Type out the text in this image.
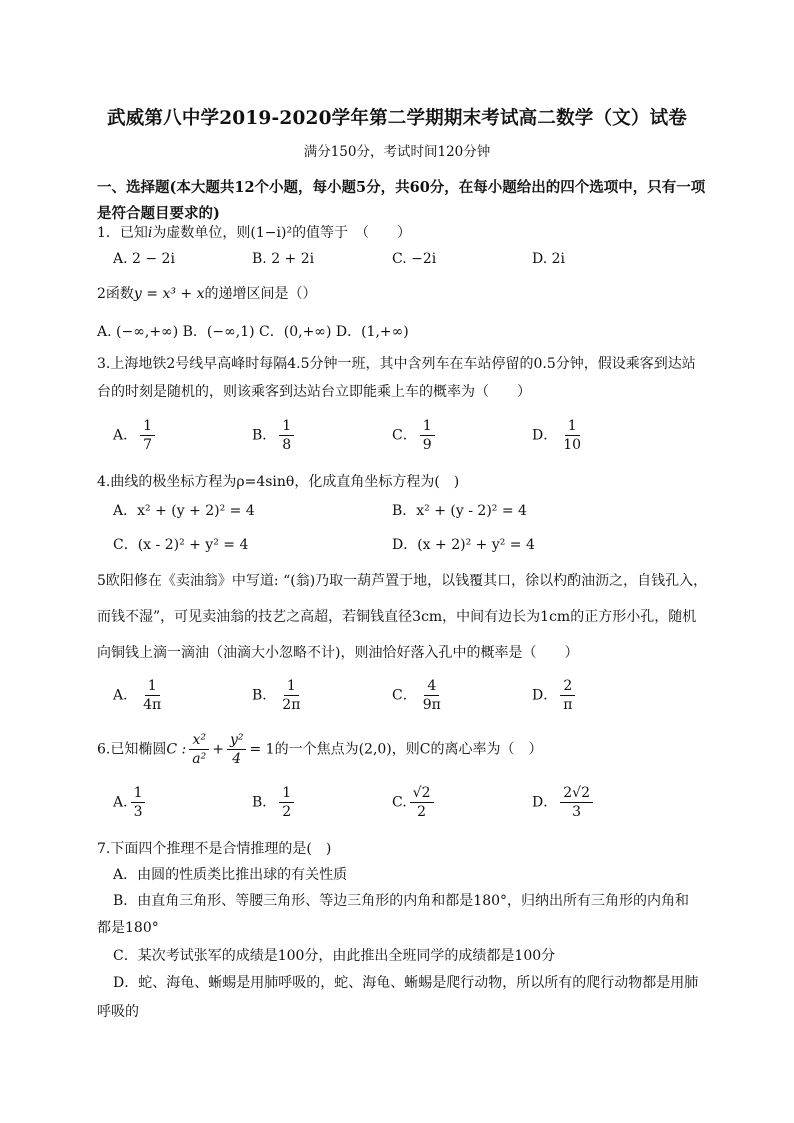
武威第八中学2019-2020学年第二学期期末考试高二数学（文）试卷
满分150分，考试时间120分钟
一、选择题(本大题共12个小题，每小题5分，共60分，在每小题给出的四个选项中，只有一项
是符合题目要求的)
1．已知i为虚数单位，则(1−i)²的值等于　（　　）
A. 2 − 2i	B. 2 + 2i	C. −2i	D. 2i
2函数y = x³ + x的递增区间是（）
A. (−∞,+∞) B．(−∞,1) C．(0,+∞) D．(1,+∞)
3.上海地铁2号线早高峰时每隔4.5分钟一班，其中含列车在车站停留的0.5分钟，假设乘客到达站
台的时刻是随机的，则该乘客到达站台立即能乘上车的概率为（　　）
A． $\frac{1}{7}$	B． $\frac{1}{8}$	C． $\frac{1}{9}$	D． $\frac{1}{10}$
4.曲线的极坐标方程为ρ=4sinθ，化成直角坐标方程为(　)
A．x² + (y + 2)² = 4	B．x² + (y - 2)² = 4
C．(x - 2)² + y² = 4	D．(x + 2)² + y² = 4
5欧阳修在《卖油翁》中写道: “(翁)乃取一葫芦置于地，以钱覆其口，徐以杓酌油沥之，自钱孔入，
而钱不湿”，可见卖油翁的技艺之高超，若铜钱直径3cm，中间有边长为1cm的正方形小孔，随机
向铜钱上滴一滴油（油滴大小忽略不计)，则油恰好落入孔中的概率是（　　）
A． $\frac{1}{4\pi}$	B． $\frac{1}{2\pi}$	C． $\frac{4}{9\pi}$	D． $\frac{2}{\pi}$
6.已知椭圆C : $\frac{\text{x²}}{\text{a²}} + \frac{\text{y²}}{4} = 1$的一个焦点为(2,0)，则C的离心率为（　）
A. $\frac{1}{3}$	B． $\frac{1}{2}$	C. $\frac{√2}{2}$	D． $\frac{2√2}{3}$
7.下面四个推理不是合情推理的是(　)
A．由圆的性质类比推出球的有关性质
B．由直角三角形、等腰三角形、等边三角形的内角和都是180°，归纳出所有三角形的内角和
都是180°
C．某次考试张军的成绩是100分，由此推出全班同学的成绩都是100分
D．蛇、海龟、蜥蜴是用肺呼吸的，蛇、海龟、蜥蜴是爬行动物，所以所有的爬行动物都是用肺
呼吸的
